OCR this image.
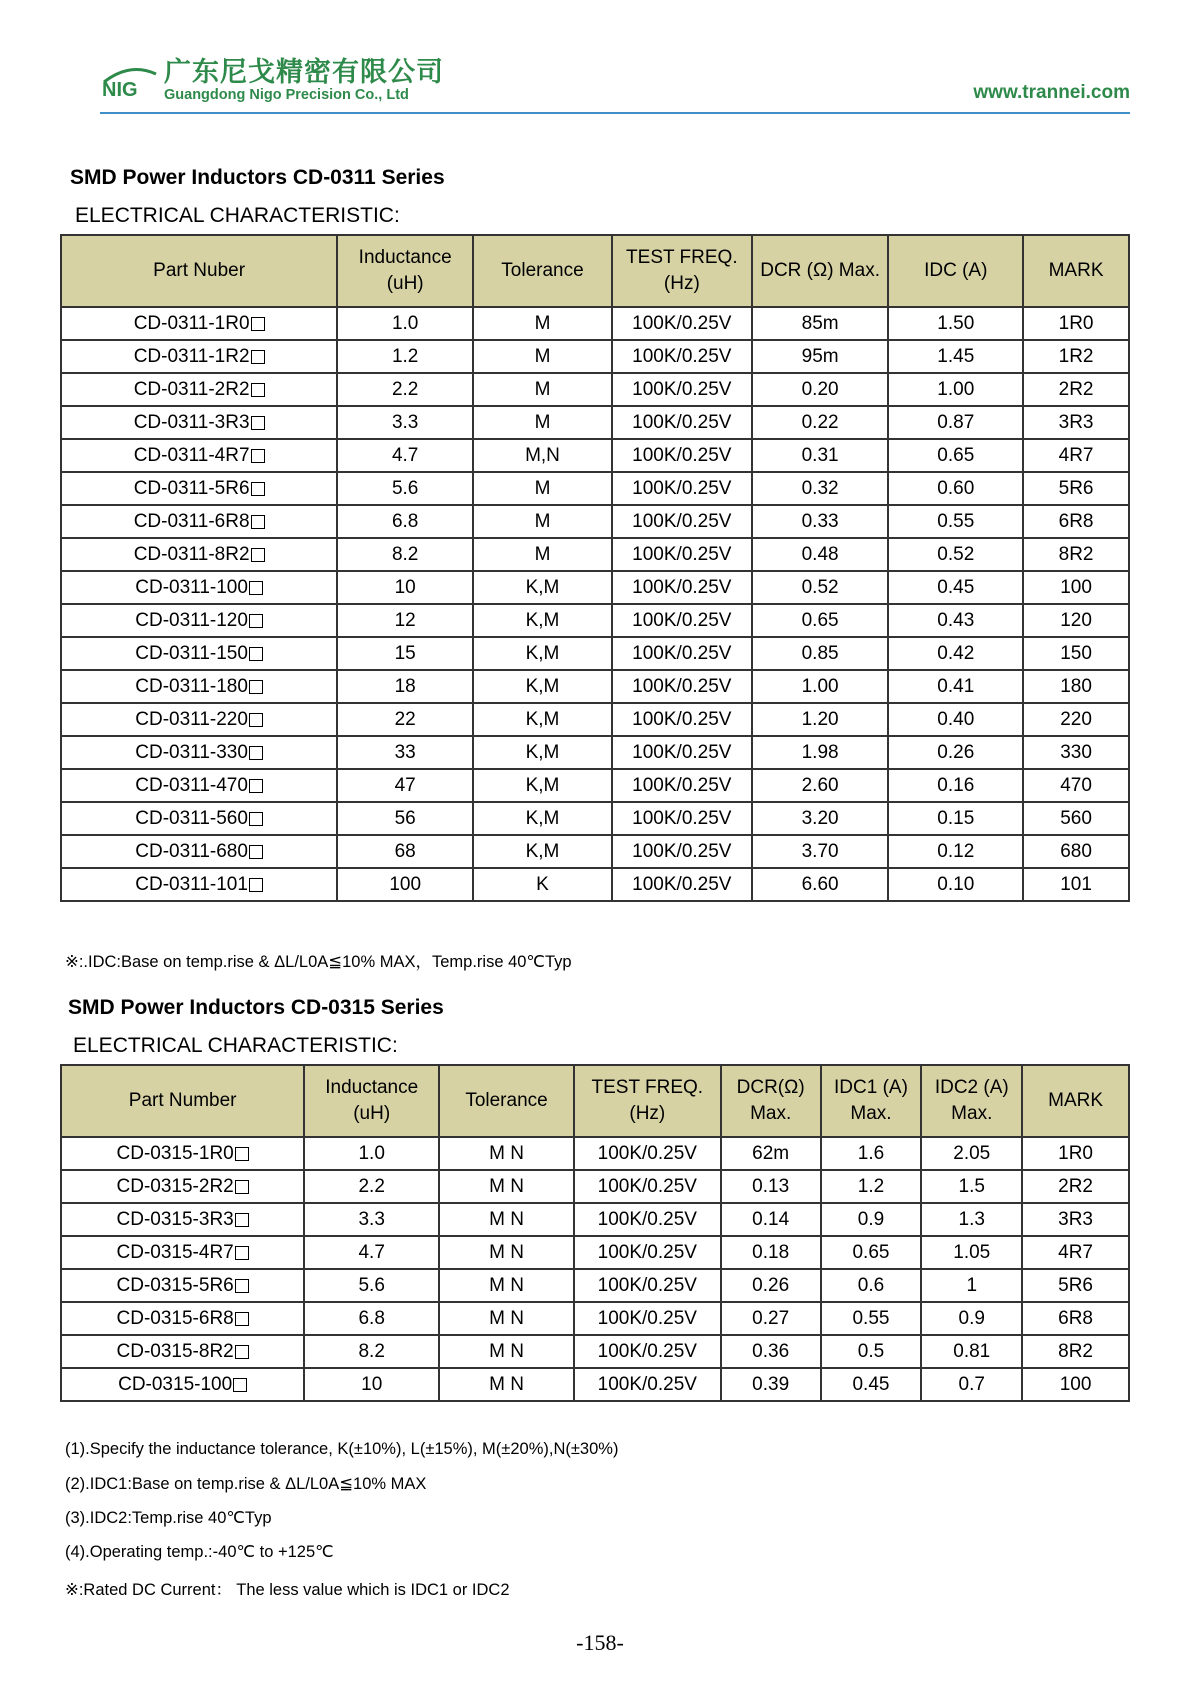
NIG
广东尼戈精密有限公司
Guangdong Nigo Precision Co., Ltd	www.trannei.com
SMD Power Inductors CD-0311 Series
ELECTRICAL CHARACTERISTIC:
Part Nuber	Inductance (uH)	Tolerance	TEST FREQ.(Hz)	DCR (Ω) Max.	IDC (A)	MARK
CD-0311-1R0	1.0	M	100K/0.25V	85m	1.50	1R0
CD-0311-1R2	1.2	M	100K/0.25V	95m	1.45	1R2
CD-0311-2R2	2.2	M	100K/0.25V	0.20	1.00	2R2
CD-0311-3R3	3.3	M	100K/0.25V	0.22	0.87	3R3
CD-0311-4R7	4.7	M,N	100K/0.25V	0.31	0.65	4R7
CD-0311-5R6	5.6	M	100K/0.25V	0.32	0.60	5R6
CD-0311-6R8	6.8	M	100K/0.25V	0.33	0.55	6R8
CD-0311-8R2	8.2	M	100K/0.25V	0.48	0.52	8R2
CD-0311-100	10	K,M	100K/0.25V	0.52	0.45	100
CD-0311-120	12	K,M	100K/0.25V	0.65	0.43	120
CD-0311-150	15	K,M	100K/0.25V	0.85	0.42	150
CD-0311-180	18	K,M	100K/0.25V	1.00	0.41	180
CD-0311-220	22	K,M	100K/0.25V	1.20	0.40	220
CD-0311-330	33	K,M	100K/0.25V	1.98	0.26	330
CD-0311-470	47	K,M	100K/0.25V	2.60	0.16	470
CD-0311-560	56	K,M	100K/0.25V	3.20	0.15	560
CD-0311-680	68	K,M	100K/0.25V	3.70	0.12	680
CD-0311-101	100	K	100K/0.25V	6.60	0.10	101
※:.IDC:Base on temp.rise & ΔL/L0A≦10% MAX，Temp.rise 40℃Typ
SMD Power Inductors CD-0315 Series
ELECTRICAL CHARACTERISTIC:
Part Number	Inductance (uH)	Tolerance	TEST FREQ.(Hz)	DCR(Ω) Max.	IDC1 (A) Max.	IDC2 (A) Max.	MARK
CD-0315-1R0	1.0	M N	100K/0.25V	62m	1.6	2.05	1R0
CD-0315-2R2	2.2	M N	100K/0.25V	0.13	1.2	1.5	2R2
CD-0315-3R3	3.3	M N	100K/0.25V	0.14	0.9	1.3	3R3
CD-0315-4R7	4.7	M N	100K/0.25V	0.18	0.65	1.05	4R7
CD-0315-5R6	5.6	M N	100K/0.25V	0.26	0.6	1	5R6
CD-0315-6R8	6.8	M N	100K/0.25V	0.27	0.55	0.9	6R8
CD-0315-8R2	8.2	M N	100K/0.25V	0.36	0.5	0.81	8R2
CD-0315-100	10	M N	100K/0.25V	0.39	0.45	0.7	100
(1).Specify the inductance tolerance, K(±10%), L(±15%), M(±20%),N(±30%)
(2).IDC1:Base on temp.rise & ΔL/L0A≦10% MAX
(3).IDC2:Temp.rise 40℃Typ
(4).Operating temp.:-40℃ to +125℃
※:Rated DC Current： The less value which is IDC1 or IDC2
-158-
